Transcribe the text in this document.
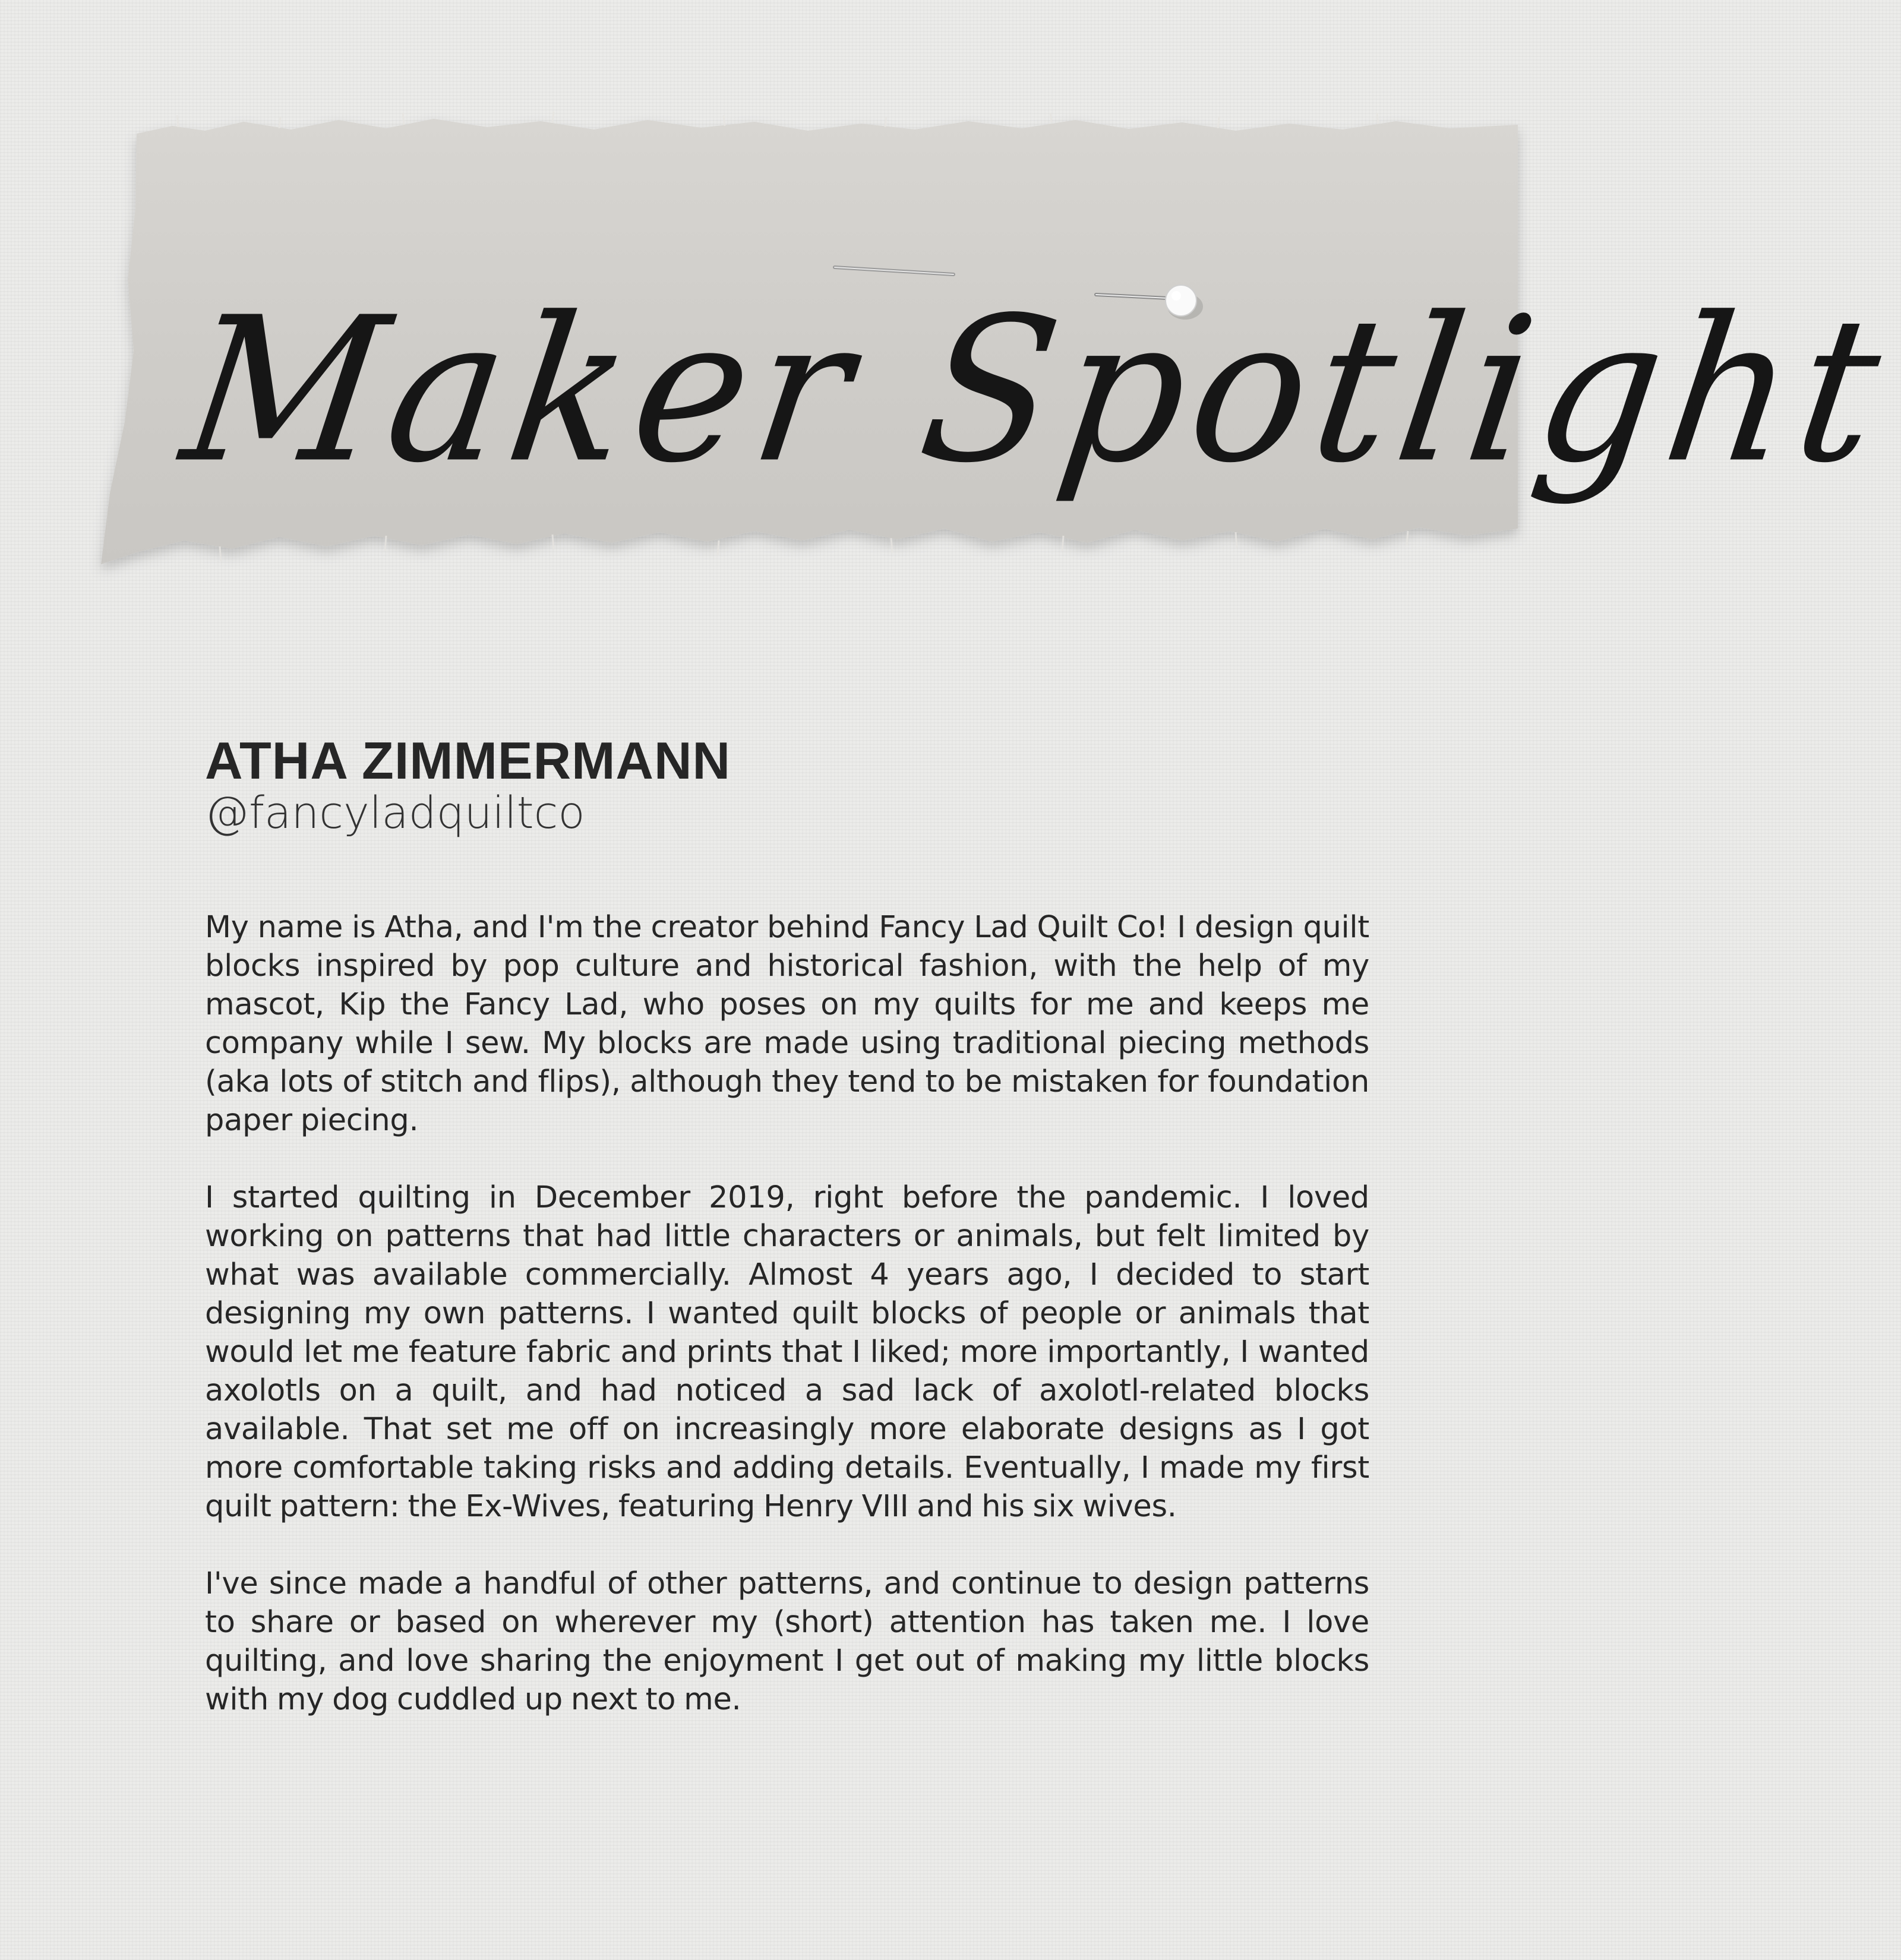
Maker Spotlight
ATHA ZIMMERMANN
@fancyladquiltco

My name is Atha, and I'm the creator behind Fancy Lad Quilt Co! I design quilt blocks inspired by pop culture and historical fashion, with the help of my mascot, Kip the Fancy Lad, who poses on my quilts for me and keeps me company while I sew. My blocks are made using traditional piecing methods (aka lots of stitch and flips), although they tend to be mistaken for foundation paper piecing.

I started quilting in December 2019, right before the pandemic. I loved working on patterns that had little characters or animals, but felt limited by what was available commercially. Almost 4 years ago, I decided to start designing my own patterns. I wanted quilt blocks of people or animals that would let me feature fabric and prints that I liked; more importantly, I wanted axolotls on a quilt, and had noticed a sad lack of axolotl-related blocks available. That set me off on increasingly more elaborate designs as I got more comfortable taking risks and adding details. Eventually, I made my first quilt pattern: the Ex-Wives, featuring Henry VIII and his six wives.

I've since made a handful of other patterns, and continue to design patterns to share or based on wherever my (short) attention has taken me. I love quilting, and love sharing the enjoyment I get out of making my little blocks with my dog cuddled up next to me.
